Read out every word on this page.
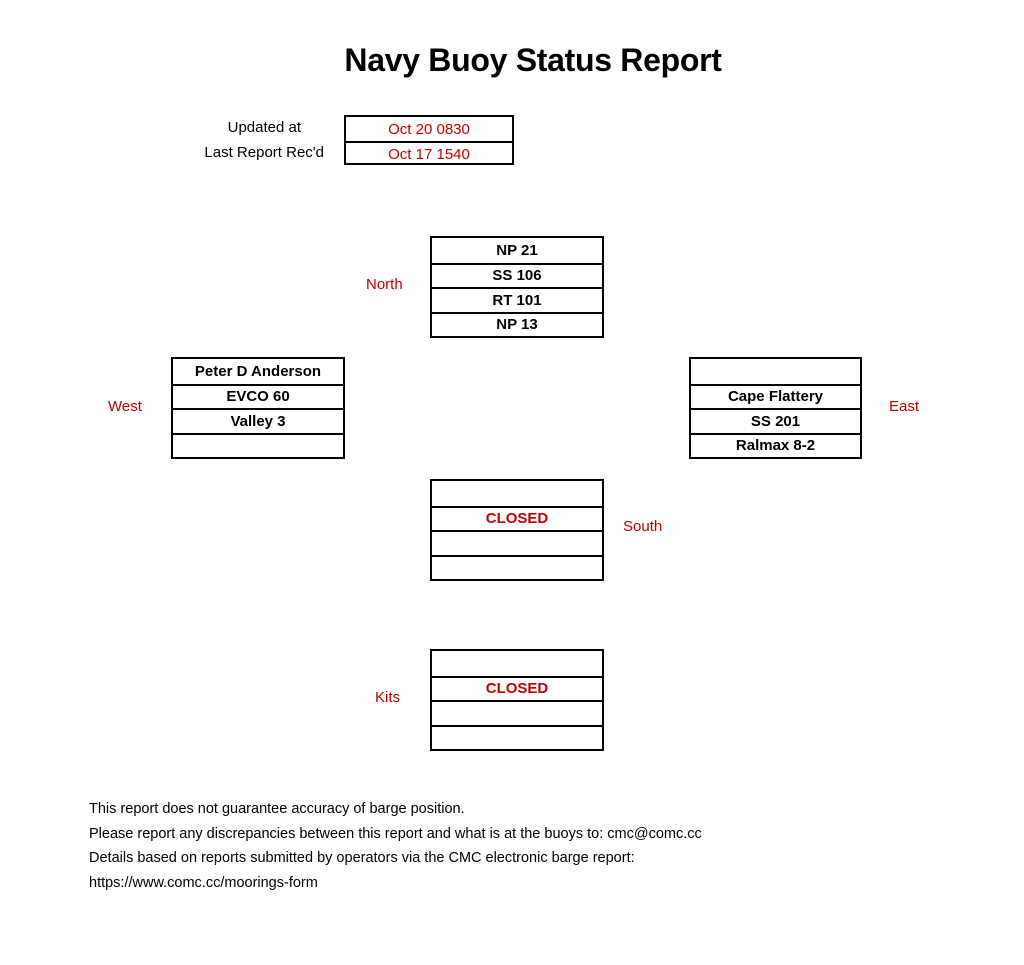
Navy Buoy Status Report
Updated at
Last Report Rec'd
Oct 20 0830
Oct 17 1540
North
NP 21
SS 106
RT 101
NP 13
West
Peter D Anderson
EVCO 60
Valley 3
East
Cape Flattery
SS 201
Ralmax 8-2
South
CLOSED
Kits
CLOSED
This report does not guarantee accuracy of barge position.
Please report any discrepancies between this report and what is at the buoys to: cmc@comc.cc
Details based on reports submitted by operators via the CMC electronic barge report:
https://www.comc.cc/moorings-form
